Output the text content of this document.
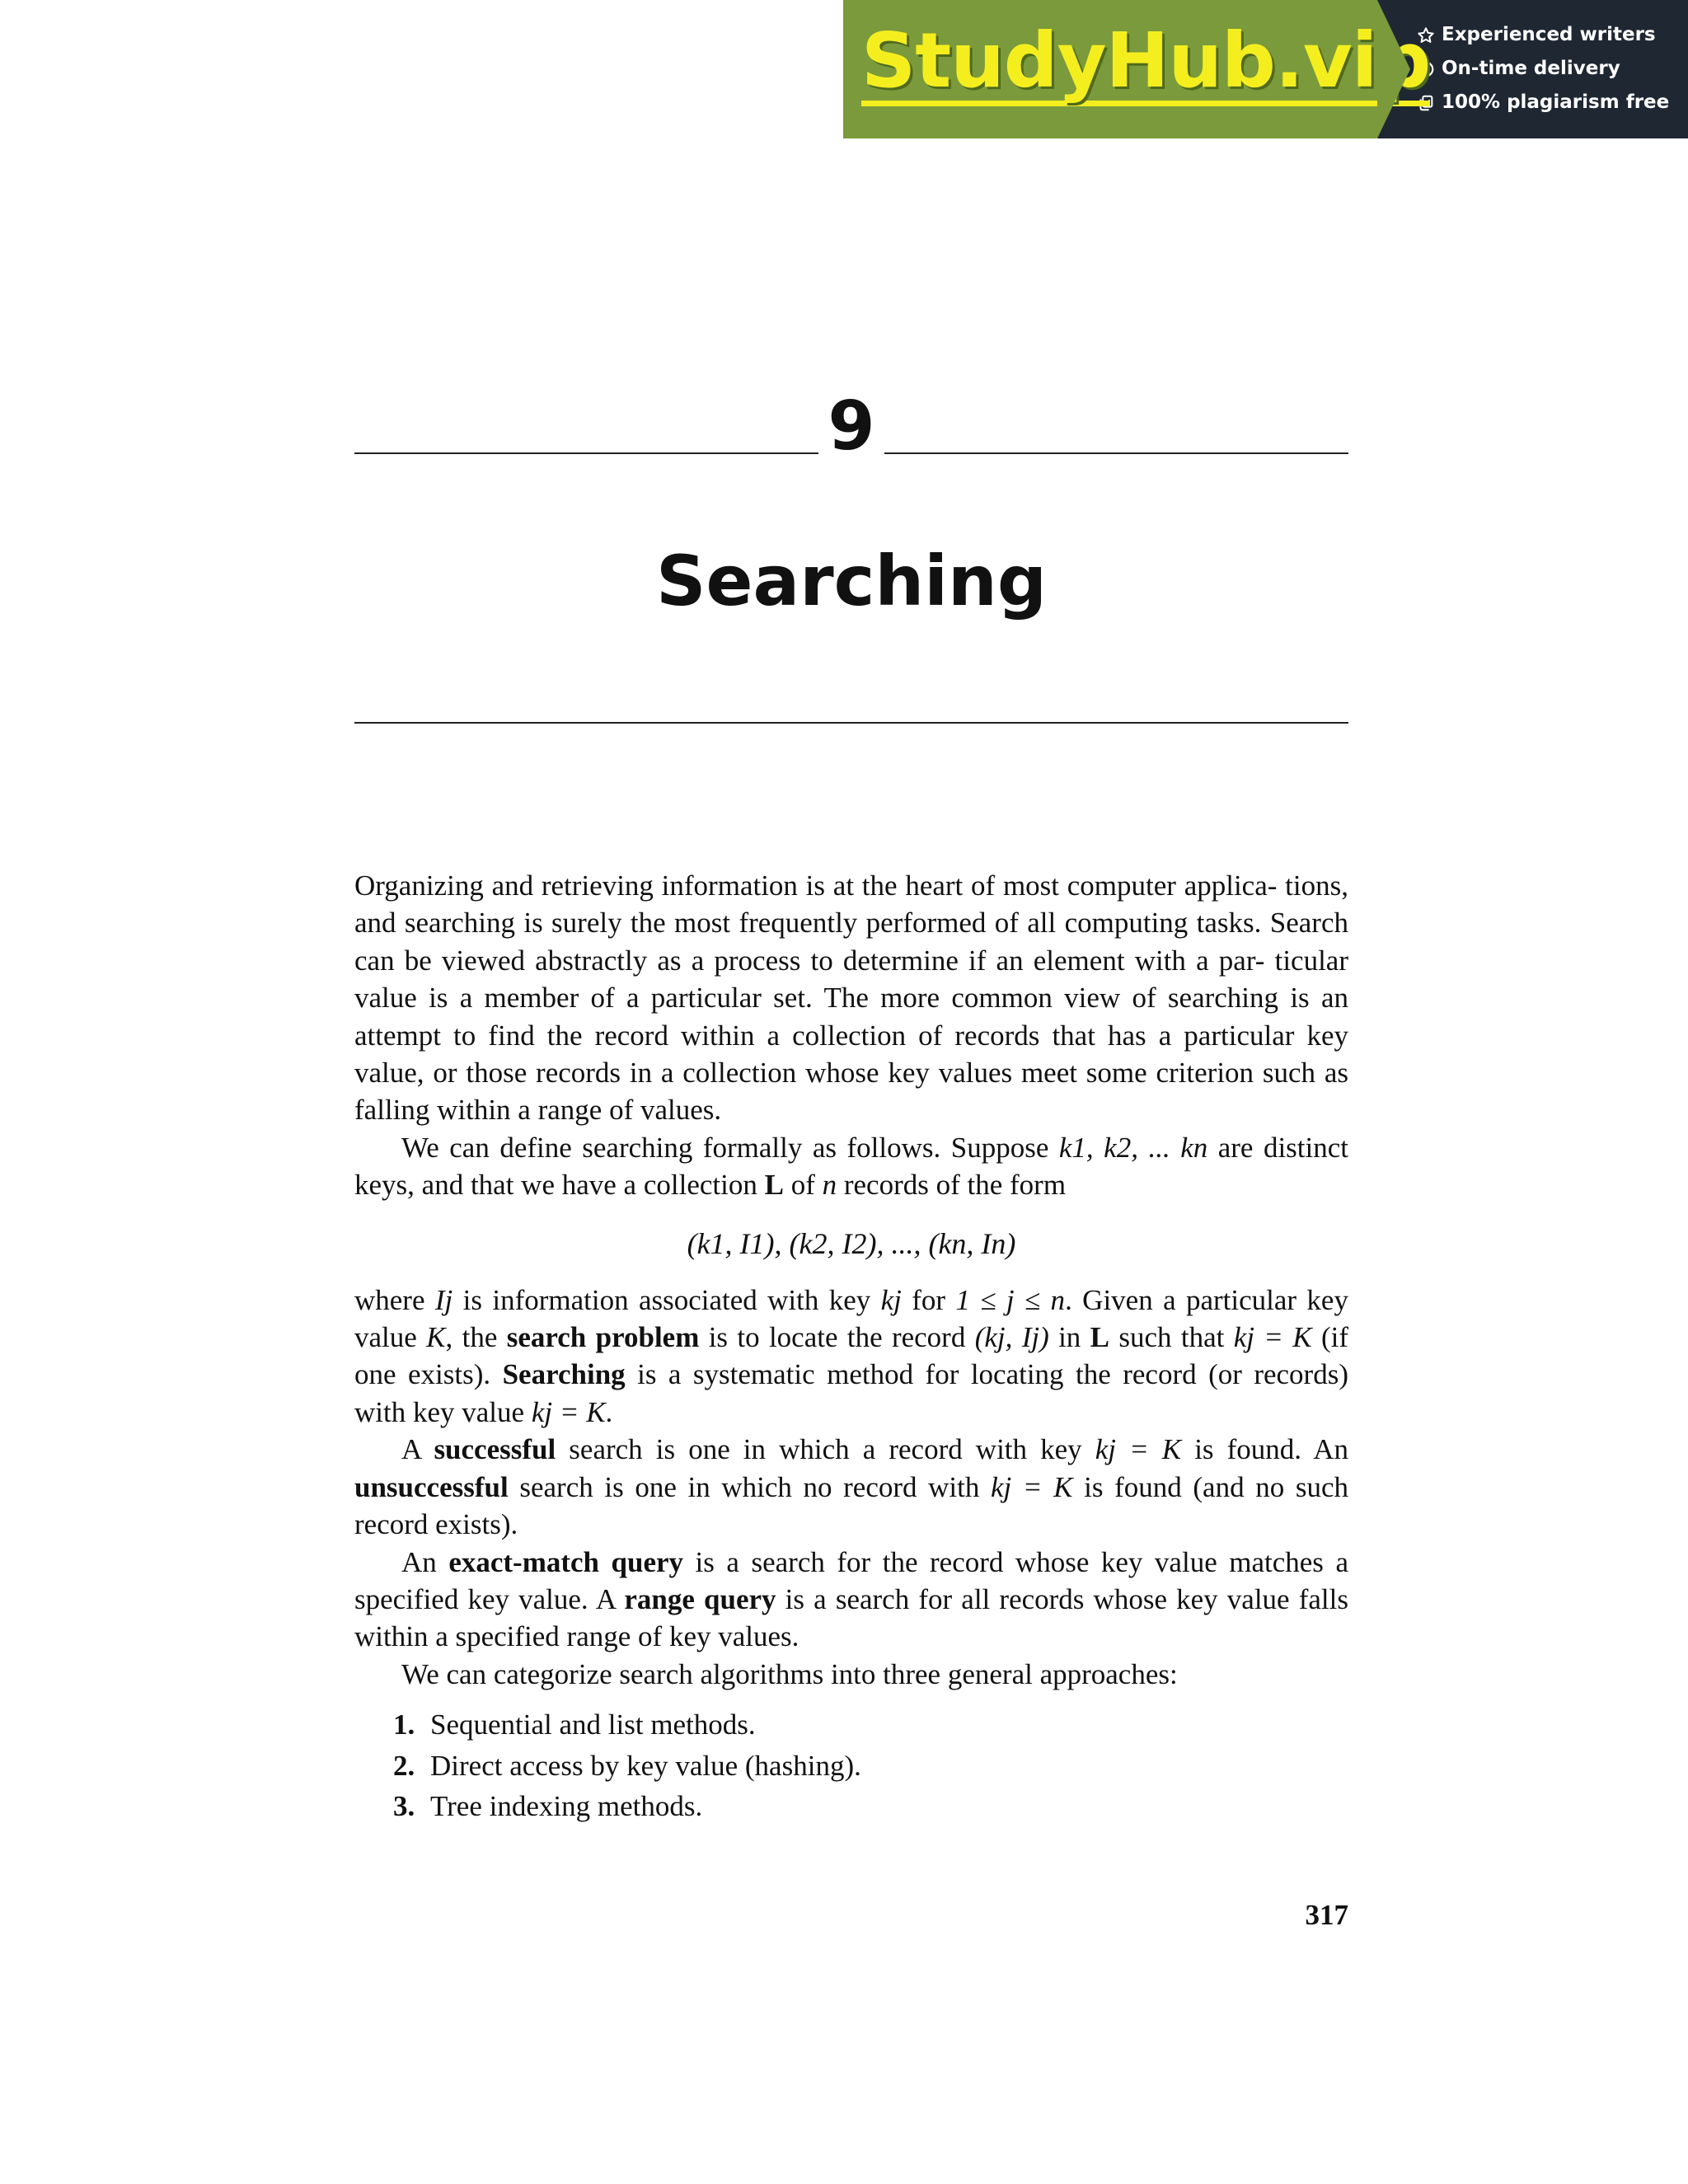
StudyHub.vip Experienced writers
On-time delivery
100% plagiarism free
9
Searching

Organizing and retrieving information is at the heart of most computer applica- tions, and searching is surely the most frequently performed of all computing tasks. Search can be viewed abstractly as a process to determine if an element with a par- ticular value is a member of a particular set. The more common view of searching is an attempt to find the record within a collection of records that has a particular key value, or those records in a collection whose key values meet some criterion such as falling within a range of values.

We can define searching formally as follows. Suppose k1, k2, ... kn are distinct keys, and that we have a collection L of n records of the form

(k1, I1), (k2, I2), ..., (kn, In)

where Ij is information associated with key kj for 1 ≤ j ≤ n. Given a particular key value K, the search problem is to locate the record (kj, Ij) in L such that kj = K (if one exists). Searching is a systematic method for locating the record (or records) with key value kj = K.

A successful search is one in which a record with key kj = K is found. An unsuccessful search is one in which no record with kj = K is found (and no such record exists).

An exact-match query is a search for the record whose key value matches a specified key value. A range query is a search for all records whose key value falls within a specified range of key values.

We can categorize search algorithms into three general approaches:

1. Sequential and list methods.
2. Direct access by key value (hashing).
3. Tree indexing methods.
317
